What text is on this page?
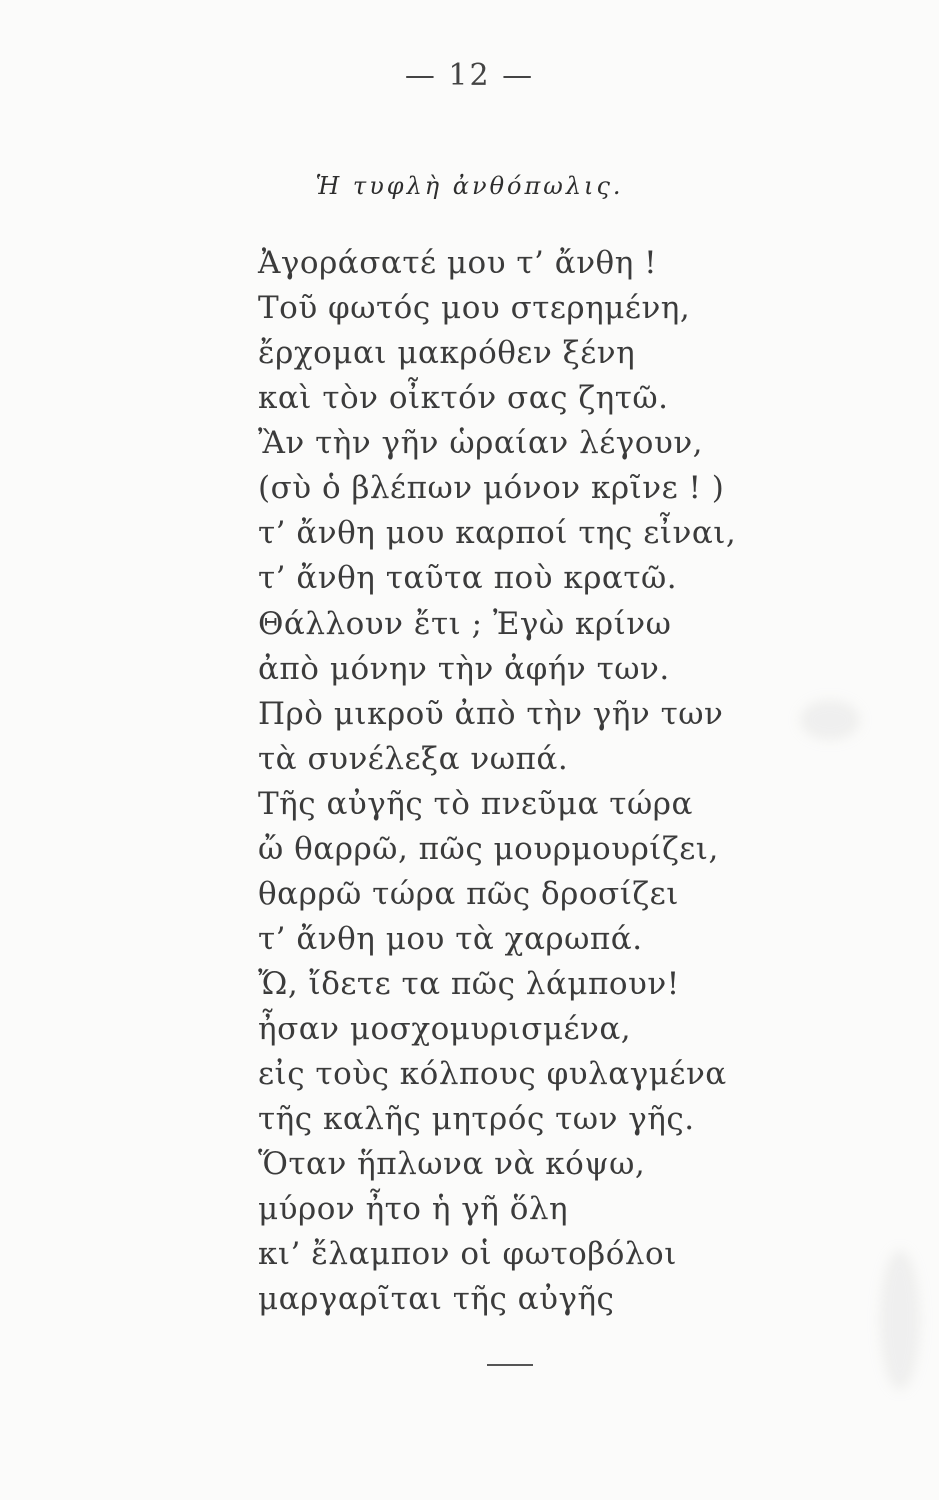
— 12 —
Ἡ τυφλὴ ἀνθόπωλις.
Ἀγοράσατέ μου τ’ ἄνθη !
Τοῦ φωτός μου στερημένη,
ἔρχομαι μακρόθεν ξένη
καὶ τὸν οἶκτόν σας ζητῶ.
Ἂν τὴν γῆν ὡραίαν λέγουν,
(σὺ ὁ βλέπων μόνον κρῖνε ! )
τ’ ἄνθη μου καρποί της εἶναι,
τ’ ἄνθη ταῦτα ποὺ κρατῶ.
Θάλλουν ἔτι ; Ἐγὼ κρίνω
ἀπὸ μόνην τὴν ἀφήν των.
Πρὸ μικροῦ ἀπὸ τὴν γῆν των
τὰ συνέλεξα νωπά.
Τῆς αὐγῆς τὸ πνεῦμα τώρα
ὤ θαρρῶ, πῶς μουρμουρίζει,
θαρρῶ τώρα πῶς δροσίζει
τ’ ἄνθη μου τὰ χαρωπά.
Ὤ, ἴδετε τα πῶς λάμπουν!
ἦσαν μοσχομυρισμένα,
εἰς τοὺς κόλπους φυλαγμένα
τῆς καλῆς μητρός των γῆς.
Ὅταν ἥπλωνα νὰ κόψω,
μύρον ἦτο ἡ γῆ ὅλη
κι’ ἔλαμπον οἱ φωτοβόλοι
μαργαρῖται τῆς αὐγῆς
